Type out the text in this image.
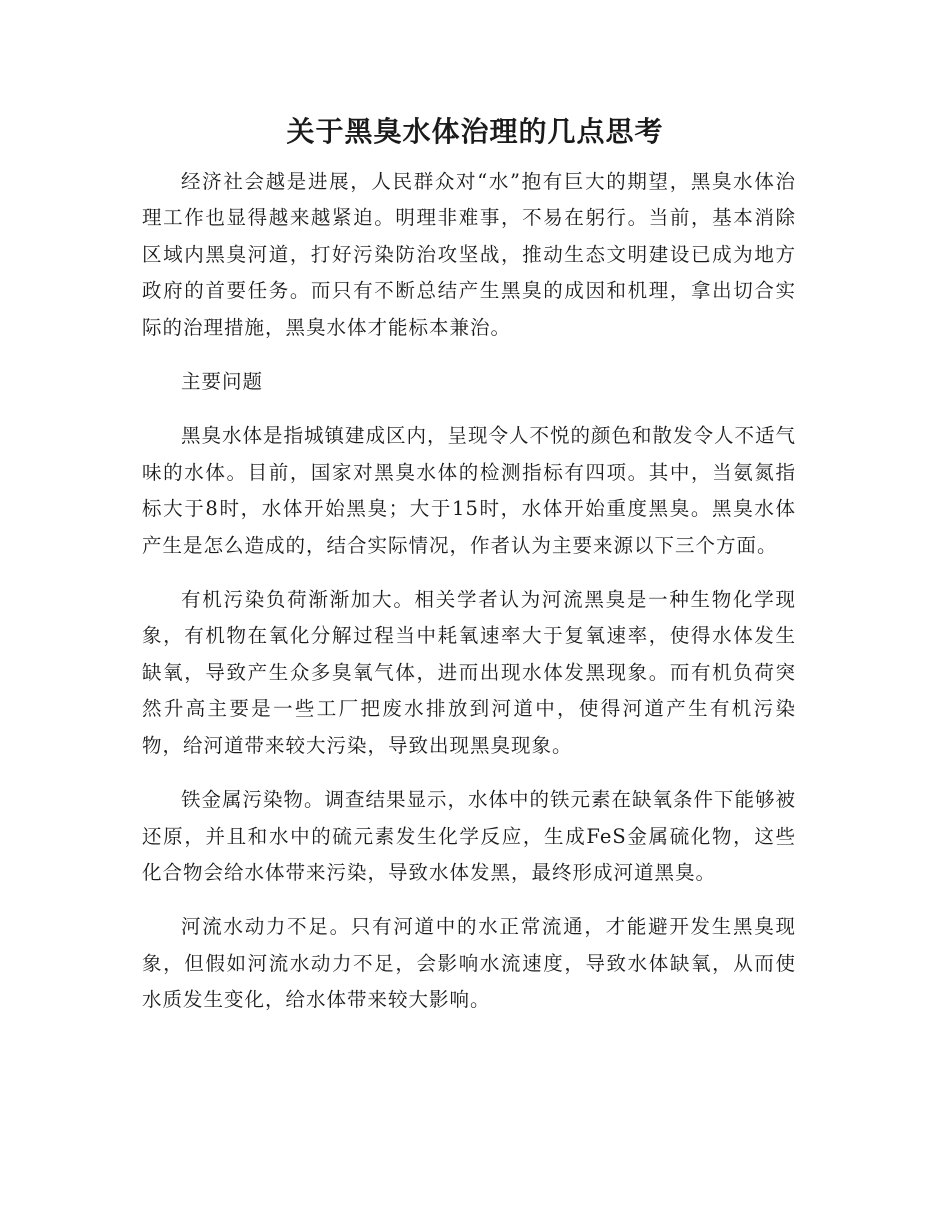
关于黑臭水体治理的几点思考

经济社会越是进展，人民群众对“水”抱有巨大的期望，黑臭水体治理工作也显得越来越紧迫。明理非难事，不易在躬行。当前，基本消除区域内黑臭河道，打好污染防治攻坚战，推动生态文明建设已成为地方政府的首要任务。而只有不断总结产生黑臭的成因和机理，拿出切合实际的治理措施，黑臭水体才能标本兼治。

主要问题

黑臭水体是指城镇建成区内，呈现令人不悦的颜色和散发令人不适气味的水体。目前，国家对黑臭水体的检测指标有四项。其中，当氨氮指标大于8时，水体开始黑臭；大于15时，水体开始重度黑臭。黑臭水体产生是怎么造成的，结合实际情况，作者认为主要来源以下三个方面。

有机污染负荷渐渐加大。相关学者认为河流黑臭是一种生物化学现象，有机物在氧化分解过程当中耗氧速率大于复氧速率，使得水体发生缺氧，导致产生众多臭氧气体，进而出现水体发黑现象。而有机负荷突然升高主要是一些工厂把废水排放到河道中，使得河道产生有机污染物，给河道带来较大污染，导致出现黑臭现象。

铁金属污染物。调查结果显示，水体中的铁元素在缺氧条件下能够被还原，并且和水中的硫元素发生化学反应，生成FeS金属硫化物，这些化合物会给水体带来污染，导致水体发黑，最终形成河道黑臭。

河流水动力不足。只有河道中的水正常流通，才能避开发生黑臭现象，但假如河流水动力不足，会影响水流速度，导致水体缺氧，从而使水质发生变化，给水体带来较大影响。
